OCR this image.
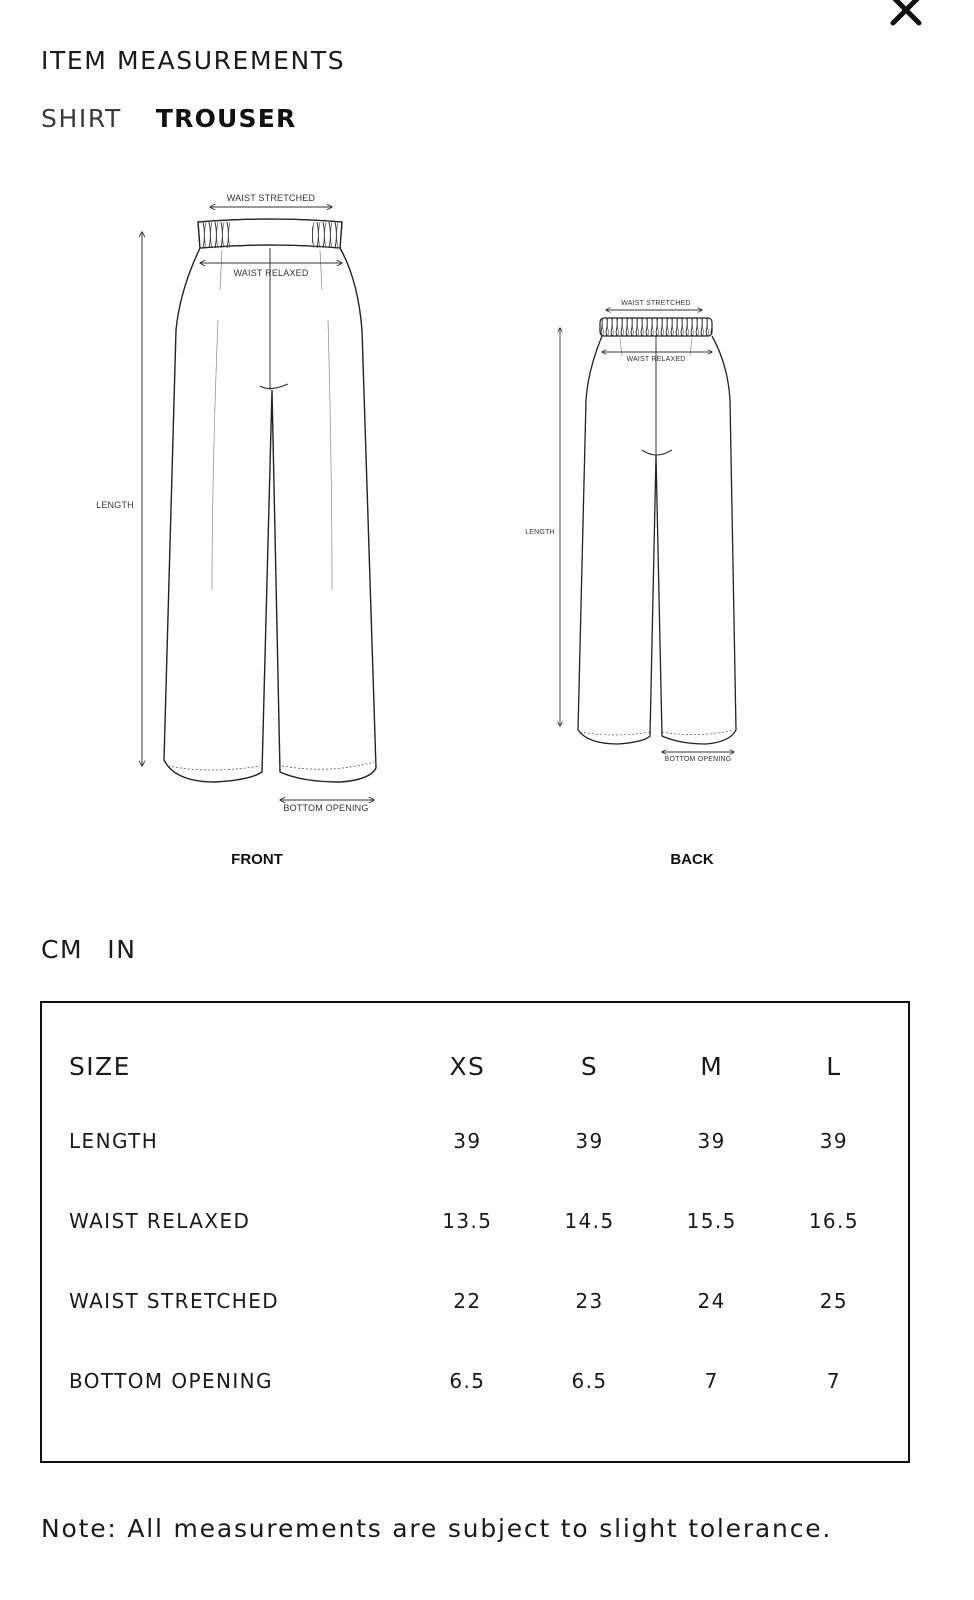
ITEM MEASUREMENTS
SHIRT TROUSER
WAIST STRETCHED
WAIST RELAXED
LENGTH
BOTTOM OPENING
FRONT
WAIST STRETCHED
WAIST RELAXED
LENGTH
BOTTOM OPENING
BACK
CM IN
SIZE	XS	S	M	L
LENGTH	39	39	39	39
WAIST RELAXED	13.5	14.5	15.5	16.5
WAIST STRETCHED	22	23	24	25
BOTTOM OPENING	6.5	6.5	7	7
Note: All measurements are subject to slight tolerance.
